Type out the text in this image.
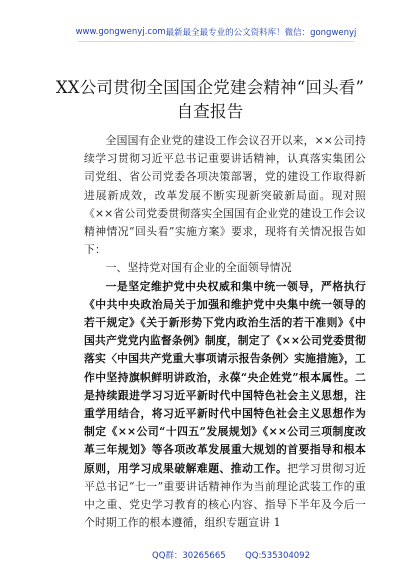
www.gongwenyj.com 最新最全最专业的公文资料库！ 微信：gongwenyj
XX公司贯彻全国国企党建会精神“回头看”
自查报告

全国国有企业党的建设工作会议召开以来，××公司持续学习贯彻习近平总书记重要讲话精神，认真落实集团公司党组、省公司党委各项决策部署，党的建设工作取得新进展新成效，改革发展不断实现新突破新局面。现对照《××省公司党委贯彻落实全国国有企业党的建设工作会议精神情况“回头看”实施方案》要求，现将有关情况报告如下：

一、坚持党对国有企业的全面领导情况

一是坚定维护党中央权威和集中统一领导，严格执行《中共中央政治局关于加强和维护党中央集中统一领导的若干规定》《关于新形势下党内政治生活的若干准则》《中国共产党党内监督条例》制度，制定了《××公司党委贯彻落实〈中国共产党重大事项请示报告条例〉实施措施》，工作中坚持旗帜鲜明讲政治，永葆“央企姓党”根本属性。二是持续跟进学习习近平新时代中国特色社会主义思想，注重学用结合，将习近平新时代中国特色社会主义思想作为制定《××公司“十四五”发展规划》《××公司三项制度改革三年规划》等各项改革发展重大规划的首要指导和根本原则，用学习成果破解难题、推动工作。把学习贯彻习近平总书记“七一”重要讲话精神作为当前理论武装工作的重中之重、党史学习教育的核心内容、指导下半年及今后一个时期工作的根本遵循，组织专题宣讲 1

QQ群：30265665 QQ:535304092
